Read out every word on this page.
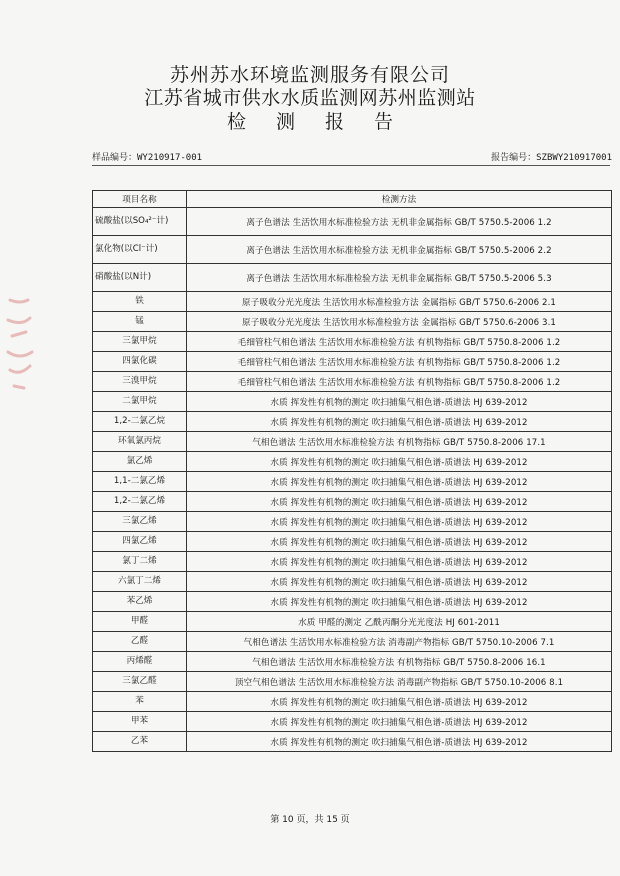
苏州苏水环境监测服务有限公司
江苏省城市供水水质监测网苏州监测站
检测报告
样品编号：WY210917-001	报告编号：SZBWY210917001
项目名称	检测方法
硫酸盐(以SO₄²⁻计)	离子色谱法 生活饮用水标准检验方法 无机非金属指标 GB/T 5750.5-2006 1.2
氯化物(以Cl⁻计)	离子色谱法 生活饮用水标准检验方法 无机非金属指标 GB/T 5750.5-2006 2.2
硝酸盐(以N计)	离子色谱法 生活饮用水标准检验方法 无机非金属指标 GB/T 5750.5-2006 5.3
铁	原子吸收分光光度法 生活饮用水标准检验方法 金属指标 GB/T 5750.6-2006 2.1
锰	原子吸收分光光度法 生活饮用水标准检验方法 金属指标 GB/T 5750.6-2006 3.1
三氯甲烷	毛细管柱气相色谱法 生活饮用水标准检验方法 有机物指标 GB/T 5750.8-2006 1.2
四氯化碳	毛细管柱气相色谱法 生活饮用水标准检验方法 有机物指标 GB/T 5750.8-2006 1.2
三溴甲烷	毛细管柱气相色谱法 生活饮用水标准检验方法 有机物指标 GB/T 5750.8-2006 1.2
二氯甲烷	水质 挥发性有机物的测定 吹扫捕集气相色谱-质谱法 HJ 639-2012
1,2-二氯乙烷	水质 挥发性有机物的测定 吹扫捕集气相色谱-质谱法 HJ 639-2012
环氧氯丙烷	气相色谱法 生活饮用水标准检验方法 有机物指标 GB/T 5750.8-2006 17.1
氯乙烯	水质 挥发性有机物的测定 吹扫捕集气相色谱-质谱法 HJ 639-2012
1,1-二氯乙烯	水质 挥发性有机物的测定 吹扫捕集气相色谱-质谱法 HJ 639-2012
1,2-二氯乙烯	水质 挥发性有机物的测定 吹扫捕集气相色谱-质谱法 HJ 639-2012
三氯乙烯	水质 挥发性有机物的测定 吹扫捕集气相色谱-质谱法 HJ 639-2012
四氯乙烯	水质 挥发性有机物的测定 吹扫捕集气相色谱-质谱法 HJ 639-2012
氯丁二烯	水质 挥发性有机物的测定 吹扫捕集气相色谱-质谱法 HJ 639-2012
六氯丁二烯	水质 挥发性有机物的测定 吹扫捕集气相色谱-质谱法 HJ 639-2012
苯乙烯	水质 挥发性有机物的测定 吹扫捕集气相色谱-质谱法 HJ 639-2012
甲醛	水质 甲醛的测定 乙酰丙酮分光光度法 HJ 601-2011
乙醛	气相色谱法 生活饮用水标准检验方法 消毒副产物指标 GB/T 5750.10-2006 7.1
丙烯醛	气相色谱法 生活饮用水标准检验方法 有机物指标 GB/T 5750.8-2006 16.1
三氯乙醛	顶空气相色谱法 生活饮用水标准检验方法 消毒副产物指标 GB/T 5750.10-2006 8.1
苯	水质 挥发性有机物的测定 吹扫捕集气相色谱-质谱法 HJ 639-2012
甲苯	水质 挥发性有机物的测定 吹扫捕集气相色谱-质谱法 HJ 639-2012
乙苯	水质 挥发性有机物的测定 吹扫捕集气相色谱-质谱法 HJ 639-2012
第 10 页，共 15 页
